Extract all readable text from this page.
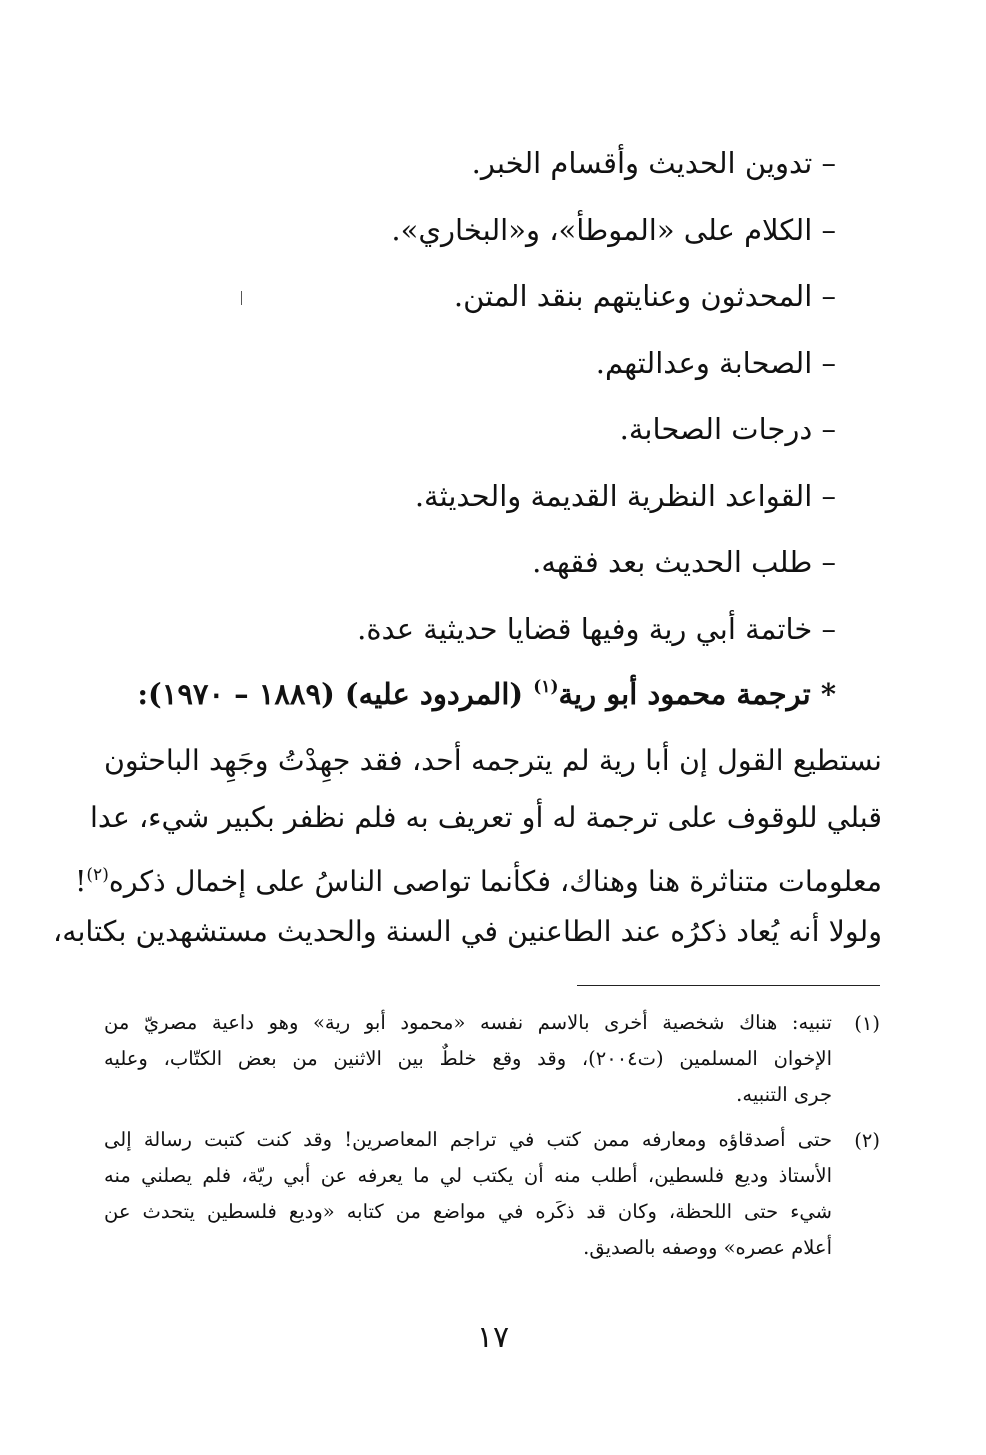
– تدوين الحديث وأقسام الخبر.
– الكلام على «الموطأ»، و«البخاري».
– المحدثون وعنايتهم بنقد المتن.
– الصحابة وعدالتهم.
– درجات الصحابة.
– القواعد النظرية القديمة والحديثة.
– طلب الحديث بعد فقهه.
– خاتمة أبي رية وفيها قضايا حديثية عدة.
* ترجمة محمود أبو رية$^{(١)}$ (المردود عليه) (١٨٨٩ – ١٩٧٠):
نستطيع القول إن أبا رية لم يترجمه أحد، فقد جهِدْتُ وجَهِد الباحثون
قبلي للوقوف على ترجمة له أو تعريف به فلم نظفر بكبير شيء، عدا
معلومات متناثرة هنا وهناك، فكأنما تواصى الناسُ على إخمال ذكره$^{(٢)}$!
ولولا أنه يُعاد ذكرُه عند الطاعنين في السنة والحديث مستشهدين بكتابه،
(١)
تنبيه: هناك شخصية أخرى بالاسم نفسه «محمود أبو رية» وهو داعية مصريّ من
الإخوان المسلمين (ت٢٠٠٤)، وقد وقع خلطٌ بين الاثنين من بعض الكتّاب، وعليه
جرى التنبيه.
(٢)
حتى أصدقاؤه ومعارفه ممن كتب في تراجم المعاصرين! وقد كنت كتبت رسالة إلى
الأستاذ وديع فلسطين، أطلب منه أن يكتب لي ما يعرفه عن أبي ريّة، فلم يصلني منه
شيء حتى اللحظة، وكان قد ذكَره في مواضع من كتابه «وديع فلسطين يتحدث عن
أعلام عصره» ووصفه بالصديق.
١٧
